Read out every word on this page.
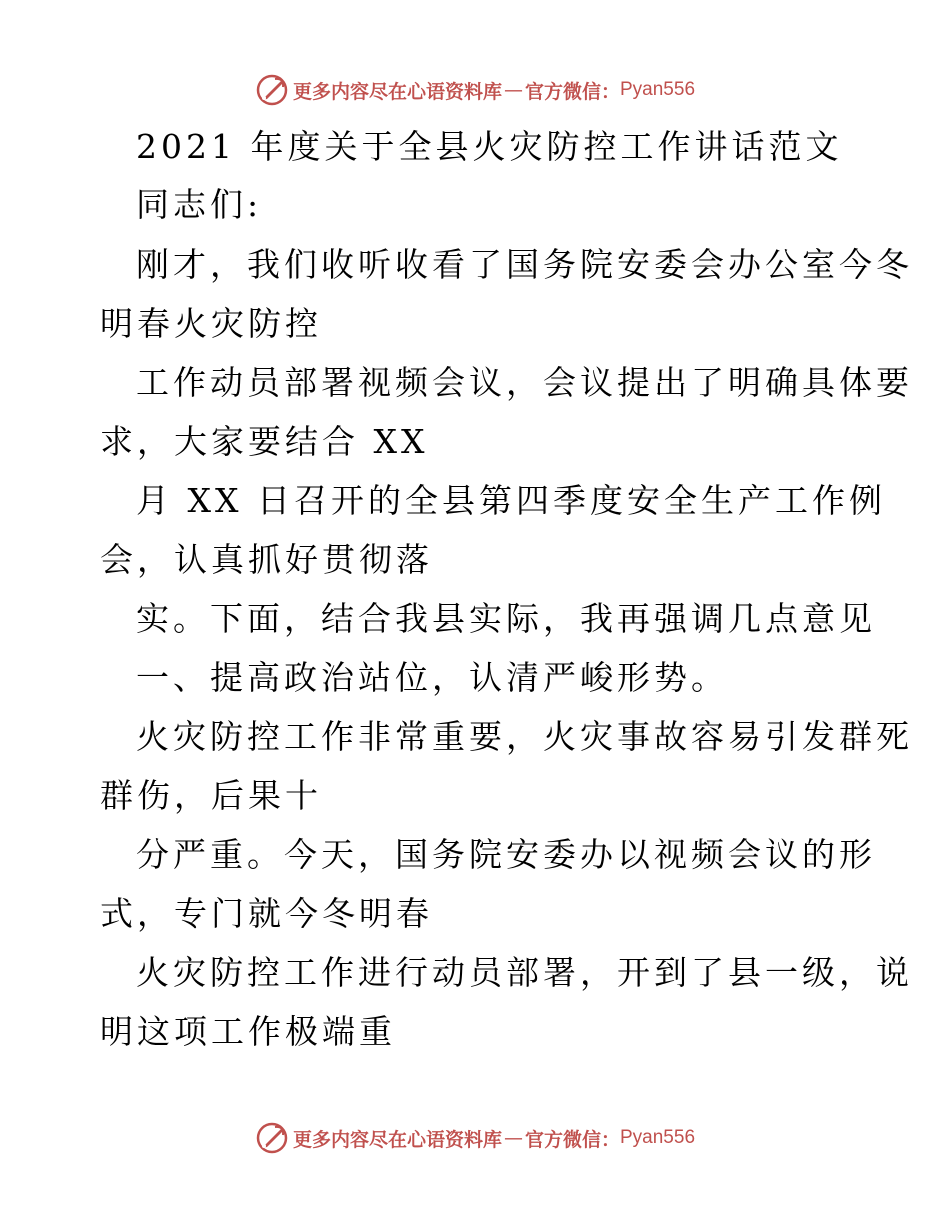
更多内容尽在心语资料库 — 官方微信： Pyan556
2021 年度关于全县火灾防控工作讲话范文
同志们:
刚才，我们收听收看了国务院安委会办公室今冬
明春火灾防控
工作动员部署视频会议，会议提出了明确具体要
求，大家要结合 XX
月 XX 日召开的全县第四季度安全生产工作例
会，认真抓好贯彻落
实。下面，结合我县实际，我再强调几点意见
一、提高政治站位，认清严峻形势。
火灾防控工作非常重要，火灾事故容易引发群死
群伤，后果十
分严重。今天，国务院安委办以视频会议的形
式，专门就今冬明春
火灾防控工作进行动员部署，开到了县一级，说
明这项工作极端重
更多内容尽在心语资料库 — 官方微信： Pyan556
